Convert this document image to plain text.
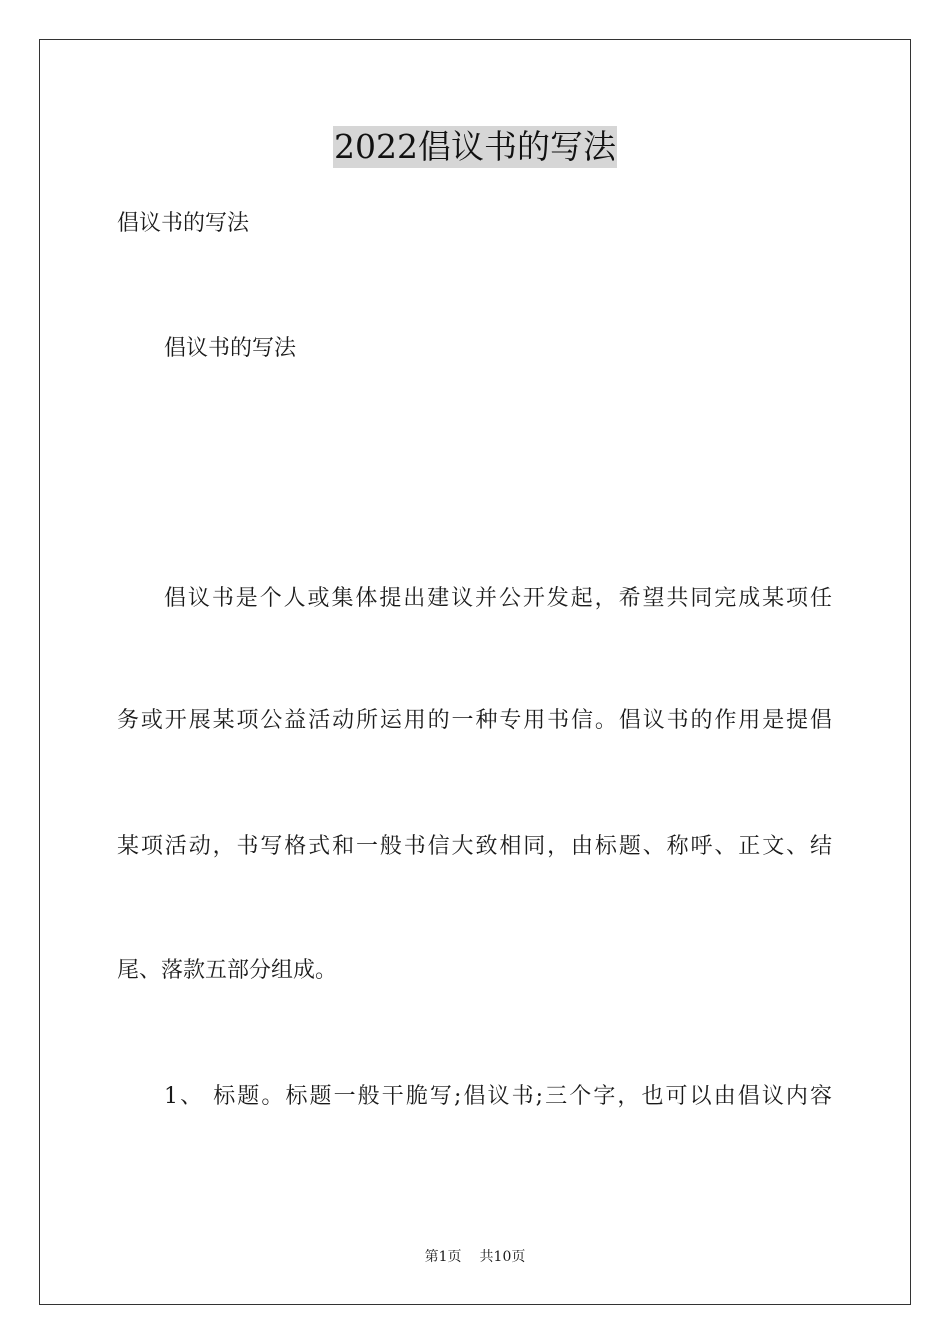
2022倡议书的写法
倡议书的写法
倡议书的写法
倡议书是个人或集体提出建议并公开发起，希望共同完成某项任
务或开展某项公益活动所运用的一种专用书信。倡议书的作用是提倡
某项活动，书写格式和一般书信大致相同，由标题、称呼、正文、结
尾、落款五部分组成。
1、 标题。标题一般干脆写;倡议书;三个字，也可以由倡议内容
第1页 共10页
